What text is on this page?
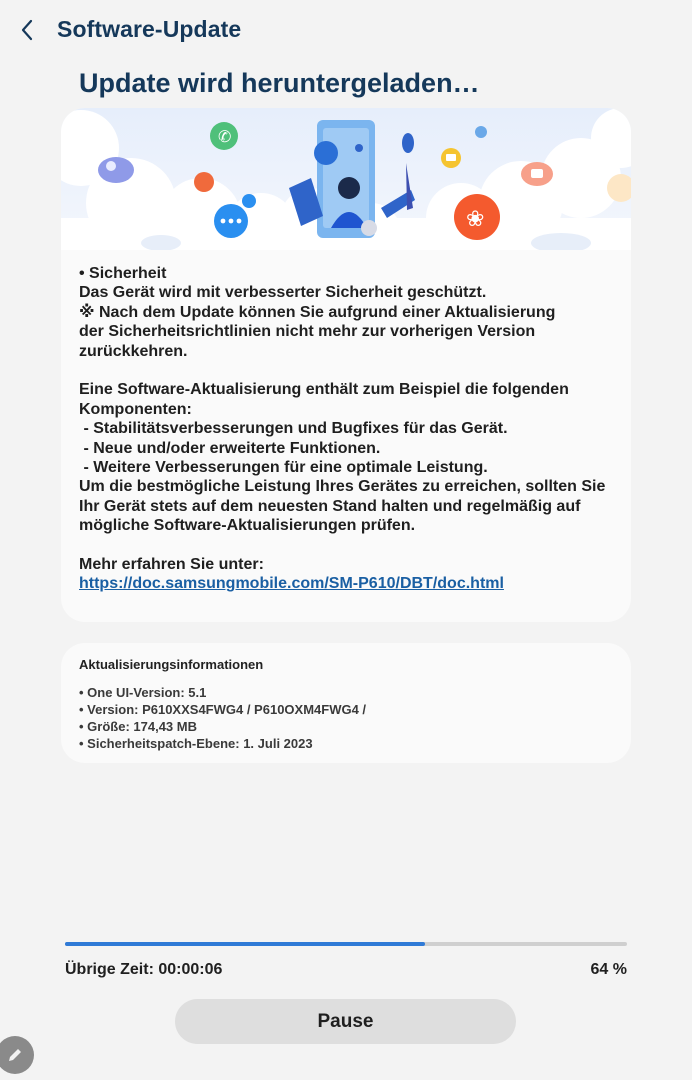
Software-Update
Update wird heruntergeladen…
✆
❀

• Sicherheit

Das Gerät wird mit verbesserter Sicherheit geschützt.

※ Nach dem Update können Sie aufgrund einer Aktualisierung

der Sicherheitsrichtlinien nicht mehr zur vorherigen Version

zurückkehren.

Eine Software-Aktualisierung enthält zum Beispiel die folgenden

Komponenten:

- Stabilitätsverbesserungen und Bugfixes für das Gerät.

- Neue und/oder erweiterte Funktionen.

- Weitere Verbesserungen für eine optimale Leistung.

Um die bestmögliche Leistung Ihres Gerätes zu erreichen, sollten Sie

Ihr Gerät stets auf dem neuesten Stand halten und regelmäßig auf

mögliche Software-Aktualisierungen prüfen.

Mehr erfahren Sie unter:

https://doc.samsungmobile.com/SM-P610/DBT/doc.html

Aktualisierungsinformationen
• One UI-Version: 5.1
• Version: P610XXS4FWG4 / P610OXM4FWG4 /
• Größe: 174,43 MB
• Sicherheitspatch-Ebene: 1. Juli 2023
Übrige Zeit: 00:00:06	64 %
Pause
